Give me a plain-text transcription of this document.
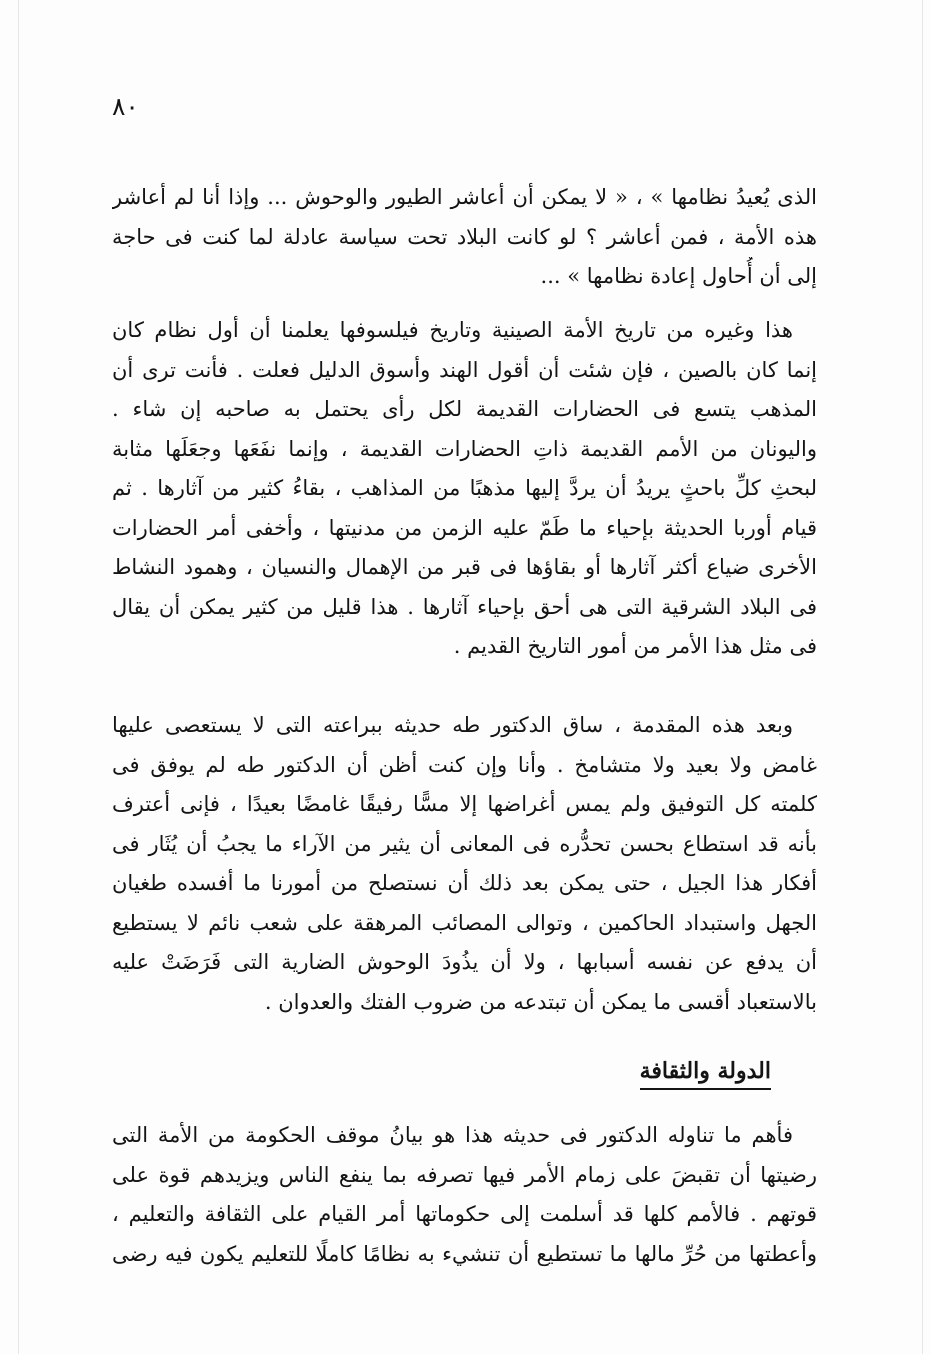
٨٠
الذى يُعيدُ نظامها » ، « لا يمكن أن أعاشر الطيور والوحوش ... وإذا أنا لم أعاشر
هذه الأمة ، فمن أعاشر ؟ لو كانت البلاد تحت سياسة عادلة لما كنت فى حاجة
إلى أن أُحاول إعادة نظامها » ...
هذا وغيره من تاريخ الأمة الصينية وتاريخ فيلسوفها يعلمنا أن أول نظام كان
إنما كان بالصين ، فإن شئت أن أقول الهند وأسوق الدليل فعلت . فأنت ترى أن
المذهب يتسع فى الحضارات القديمة لكل رأى يحتمل به صاحبه إن شاء .
واليونان من الأمم القديمة ذاتِ الحضارات القديمة ، وإنما نفَعَها وجعَلَها مثابة
لبحثِ كلِّ باحثٍ يريدُ أن يردَّ إليها مذهبًا من المذاهب ، بقاءُ كثير من آثارها . ثم
قيام أوربا الحديثة بإحياء ما طَمّ عليه الزمن من مدنيتها ، وأخفى أمر الحضارات
الأخرى ضياع أكثر آثارها أو بقاؤها فى قبر من الإهمال والنسيان ، وهمود النشاط
فى البلاد الشرقية التى هى أحق بإحياء آثارها . هذا قليل من كثير يمكن أن يقال
فى مثل هذا الأمر من أمور التاريخ القديم .
وبعد هذه المقدمة ، ساق الدكتور طه حديثه ببراعته التى لا يستعصى عليها
غامض ولا بعيد ولا متشامخ . وأنا وإن كنت أظن أن الدكتور طه لم يوفق فى
كلمته كل التوفيق ولم يمس أغراضها إلا مسًّا رفيقًا غامضًا بعيدًا ، فإنى أعترف
بأنه قد استطاع بحسن تحدُّره فى المعانى أن يثير من الآراء ما يجبُ أن يُثَار فى
أفكار هذا الجيل ، حتى يمكن بعد ذلك أن نستصلح من أمورنا ما أفسده طغيان
الجهل واستبداد الحاكمين ، وتوالى المصائب المرهقة على شعب نائم لا يستطيع
أن يدفع عن نفسه أسبابها ، ولا أن يذُودَ الوحوش الضارية التى فَرَضَتْ عليه
بالاستعباد أقسى ما يمكن أن تبتدعه من ضروب الفتك والعدوان .
الدولة والثقافة
فأهم ما تناوله الدكتور فى حديثه هذا هو بيانُ موقف الحكومة من الأمة التى
رضيتها أن تقبضَ على زمام الأمر فيها تصرفه بما ينفع الناس ويزيدهم قوة على
قوتهم . فالأمم كلها قد أسلمت إلى حكوماتها أمر القيام على الثقافة والتعليم ،
وأعطتها من حُرِّ مالها ما تستطيع أن تنشيء به نظامًا كاملًا للتعليم يكون فيه رضى
